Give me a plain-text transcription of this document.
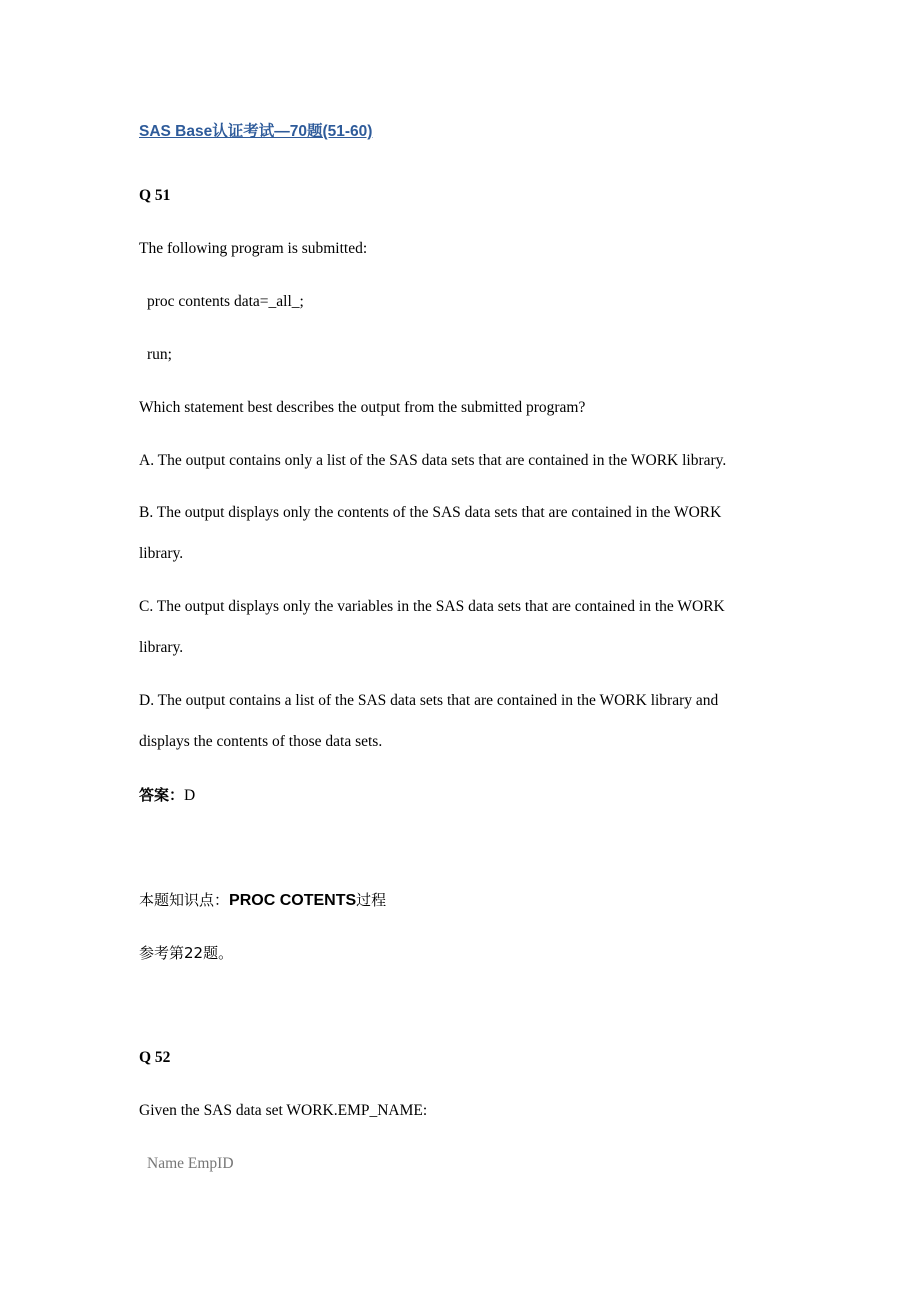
SAS Base认证考试—70题(51-60)
Q 51
The following program is submitted:
proc contents data=_all_;
run;
Which statement best describes the output from the submitted program?
A. The output contains only a list of the SAS data sets that are contained in the WORK library.
B. The output displays only the contents of the SAS data sets that are contained in the WORK
library.
C. The output displays only the variables in the SAS data sets that are contained in the WORK
library.
D. The output contains a list of the SAS data sets that are contained in the WORK library and
displays the contents of those data sets.
答案：D
本题知识点：PROC COTENTS过程
参考第22题。
Q 52
Given the SAS data set WORK.EMP_NAME:
Name EmpID
